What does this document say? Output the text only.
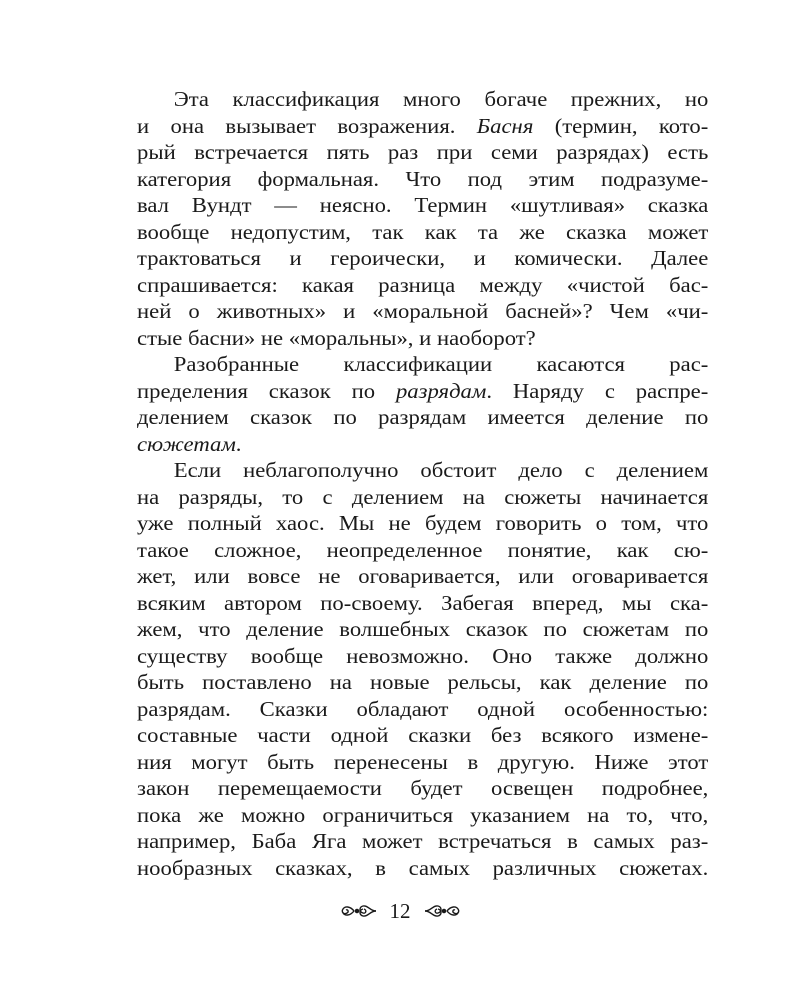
Эта классификация много богаче прежних, но
и она вызывает возражения. Басня (термин, кото-
рый встречается пять раз при семи разрядах) есть
категория формальная. Что под этим подразуме-
вал Вундт — неясно. Термин «шутливая» сказка
вообще недопустим, так как та же сказка может
трактоваться и героически, и комически. Далее
спрашивается: какая разница между «чистой бас-
ней о животных» и «моральной басней»? Чем «чи-
стые басни» не «моральны», и наоборот?
Разобранные классификации касаются рас-
пределения сказок по разрядам. Наряду с распре-
делением сказок по разрядам имеется деление по
сюжетам.
Если неблагополучно обстоит дело с делением
на разряды, то с делением на сюжеты начинается
уже полный хаос. Мы не будем говорить о том, что
такое сложное, неопределенное понятие, как сю-
жет, или вовсе не оговаривается, или оговаривается
всяким автором по-своему. Забегая вперед, мы ска-
жем, что деление волшебных сказок по сюжетам по
существу вообще невозможно. Оно также должно
быть поставлено на новые рельсы, как деление по
разрядам. Сказки обладают одной особенностью:
составные части одной сказки без всякого измене-
ния могут быть перенесены в другую. Ниже этот
закон перемещаемости будет освещен подробнее,
пока же можно ограничиться указанием на то, что,
например, Баба Яга может встречаться в самых раз-
нообразных сказках, в самых различных сюжетах.
12
